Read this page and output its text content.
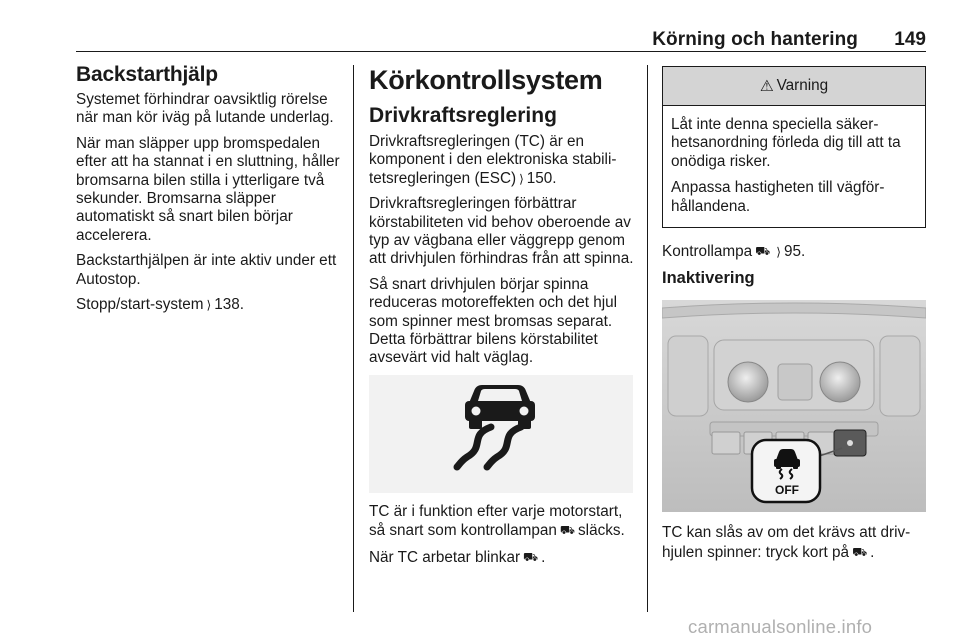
Körning och hantering	149
Backstarthjälp

Systemet förhindrar oavsiktlig rörelse när man kör iväg på lutande underlag.

När man släpper upp bromspedalen efter att ha stannat i en sluttning, håller bromsarna bilen stilla i ytterligare två sekunder. Bromsarna släpper automatiskt så snart bilen börjar accelerera.

Backstarthjälpen är inte aktiv under ett Autostop.

Stopp/start-system ⟩ 138.

Körkontrollsystem
Drivkraftsreglering

Drivkraftsregleringen (TC) är en komponent i den elektroniska stabilitetsregleringen (ESC) ⟩ 150.

Drivkraftsregleringen förbättrar körstabiliteten vid behov oberoende av typ av vägbana eller väggrepp genom att drivhjulen förhindras från att spinna.

Så snart drivhjulen börjar spinna reduceras motoreffekten och det hjul som spinner mest bromsas separat. Detta förbättrar bilens körstabilitet avsevärt vid halt väglag.

TC är i funktion efter varje motorstart, så snart som kontrollampan ⛟ släcks.

När TC arbetar blinkar ⛟ .

⚠ Varning

Låt inte denna speciella säkerhetsanordning förleda dig till att ta onödiga risker.

Anpassa hastigheten till vägförhållandena.

Kontrollampa ⛟ ⟩ 95.

Inaktivering
OFF

TC kan slås av om det krävs att drivhjulen spinner: tryck kort på ⛟ .

carmanualsonline.info
